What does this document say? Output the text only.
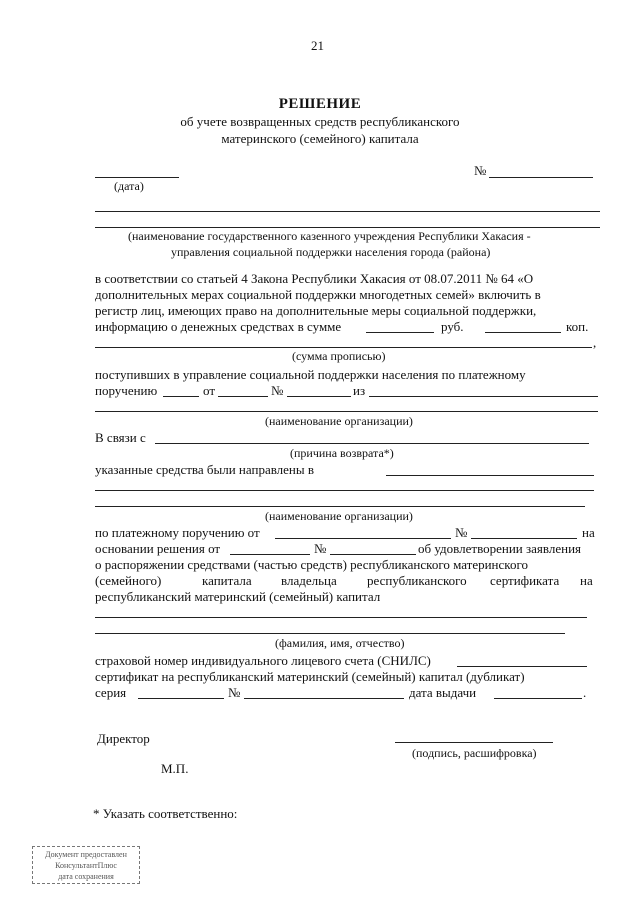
21
РЕШЕНИЕ
об учете возвращенных средств республиканского
материнского (семейного) капитала
(дата)
№
(наименование государственного казенного учреждения Республики Хакасия -
управления социальной поддержки населения города (района)
в соответствии со статьей 4 Закона Республики Хакасия от 08.07.2011 № 64 «О
дополнительных мерах социальной поддержки многодетных семей» включить в
регистр лиц, имеющих право на дополнительные меры социальной поддержки,
информацию о денежных средствах в сумме	руб.	коп.
,
(сумма прописью)
поступивших в управление социальной поддержки населения по платежному
поручению	от	№	из
(наименование организации)
В связи с
(причина возврата*)
указанные средства были направлены в
(наименование организации)
по платежному поручению от	№	на
основании решения от	№	об удовлетворении заявления
о распоряжении средствами (частью средств) республиканского материнского
(семейного)	капитала владельца республиканского сертификата на
республиканский материнский (семейный) капитал
(фамилия, имя, отчество)
страховой номер индивидуального лицевого счета (СНИЛС)
сертификат на республиканский материнский (семейный) капитал (дубликат)
серия	№	дата выдачи	.
Директор
(подпись, расшифровка)
М.П.
* Указать соответственно:
Документ предоставлен
КонсультантПлюс
дата сохранения
